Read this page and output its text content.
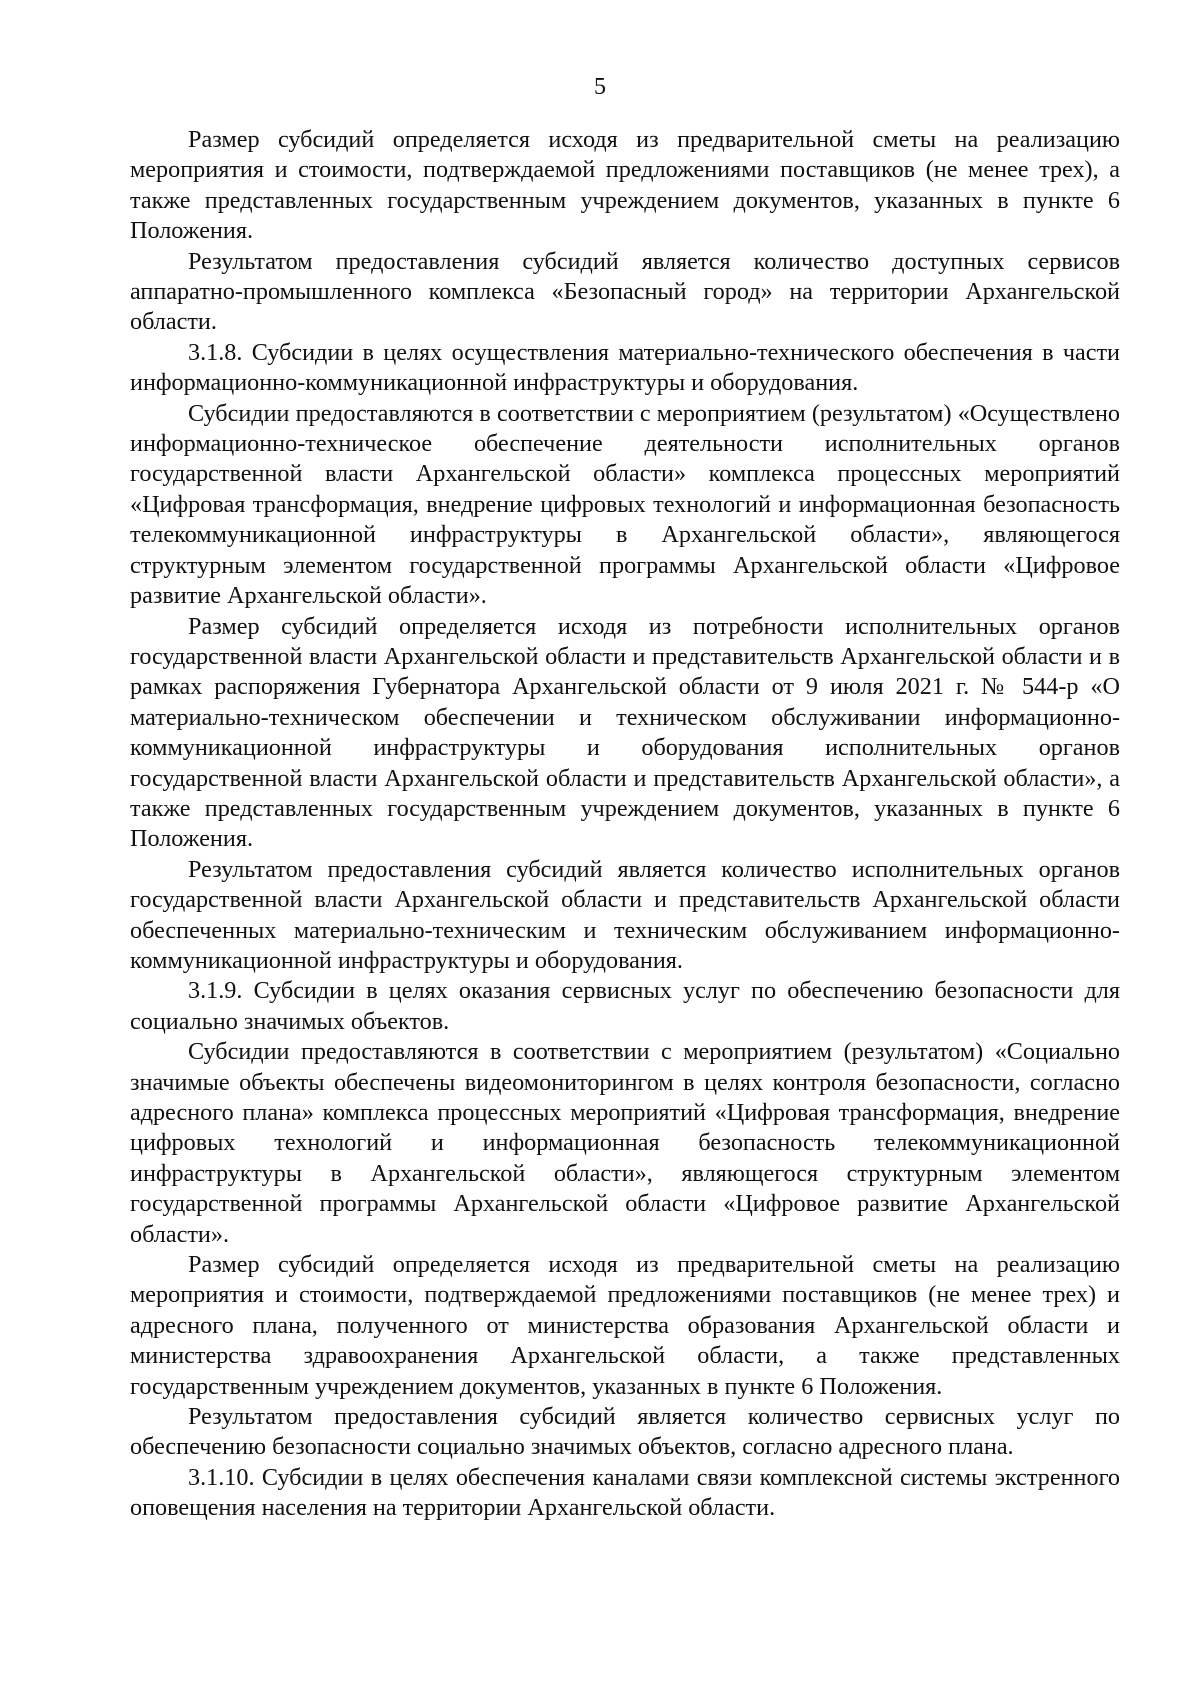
5

Размер субсидий определяется исходя из предварительной сметы на реализацию мероприятия и стоимости, подтверждаемой предложениями поставщиков (не менее трех), а также представленных государственным учреждением документов, указанных в пункте 6 Положения.

Результатом предоставления субсидий является количество доступных сервисов аппаратно-промышленного комплекса «Безопасный город» на территории Архангельской области.

3.1.8. Субсидии в целях осуществления материально-технического обеспечения в части информационно-коммуникационной инфраструктуры и оборудования.

Субсидии предоставляются в соответствии с мероприятием (результатом) «Осуществлено информационно-техническое обеспечение деятельности исполнительных органов государственной власти Архангельской области» комплекса процессных мероприятий «Цифровая трансформация, внедрение цифровых технологий и информационная безопасность телекоммуникационной инфраструктуры в Архангельской области», являющегося структурным элементом государственной программы Архангельской области «Цифровое развитие Архангельской области».

Размер субсидий определяется исходя из потребности исполнительных органов государственной власти Архангельской области и представительств Архангельской области и в рамках распоряжения Губернатора Архангельской области от 9 июля 2021 г. № 544-р «О материально-техническом обеспечении и техническом обслуживании информационно-коммуникационной инфраструктуры и оборудования исполнительных органов государственной власти Архангельской области и представительств Архангельской области», а также представленных государственным учреждением документов, указанных в пункте 6 Положения.

Результатом предоставления субсидий является количество исполнительных органов государственной власти Архангельской области и представительств Архангельской области обеспеченных материально-техническим и техническим обслуживанием информационно-коммуникационной инфраструктуры и оборудования.

3.1.9. Субсидии в целях оказания сервисных услуг по обеспечению безопасности для социально значимых объектов.

Субсидии предоставляются в соответствии с мероприятием (результатом) «Социально значимые объекты обеспечены видеомониторингом в целях контроля безопасности, согласно адресного плана» комплекса процессных мероприятий «Цифровая трансформация, внедрение цифровых технологий и информационная безопасность телекоммуникационной инфраструктуры в Архангельской области», являющегося структурным элементом государственной программы Архангельской области «Цифровое развитие Архангельской области».

Размер субсидий определяется исходя из предварительной сметы на реализацию мероприятия и стоимости, подтверждаемой предложениями поставщиков (не менее трех) и адресного плана, полученного от министерства образования Архангельской области и министерства здравоохранения Архангельской области, а также представленных государственным учреждением документов, указанных в пункте 6 Положения.

Результатом предоставления субсидий является количество сервисных услуг по обеспечению безопасности социально значимых объектов, согласно адресного плана.

3.1.10. Субсидии в целях обеспечения каналами связи комплексной системы экстренного оповещения населения на территории Архангельской области.
